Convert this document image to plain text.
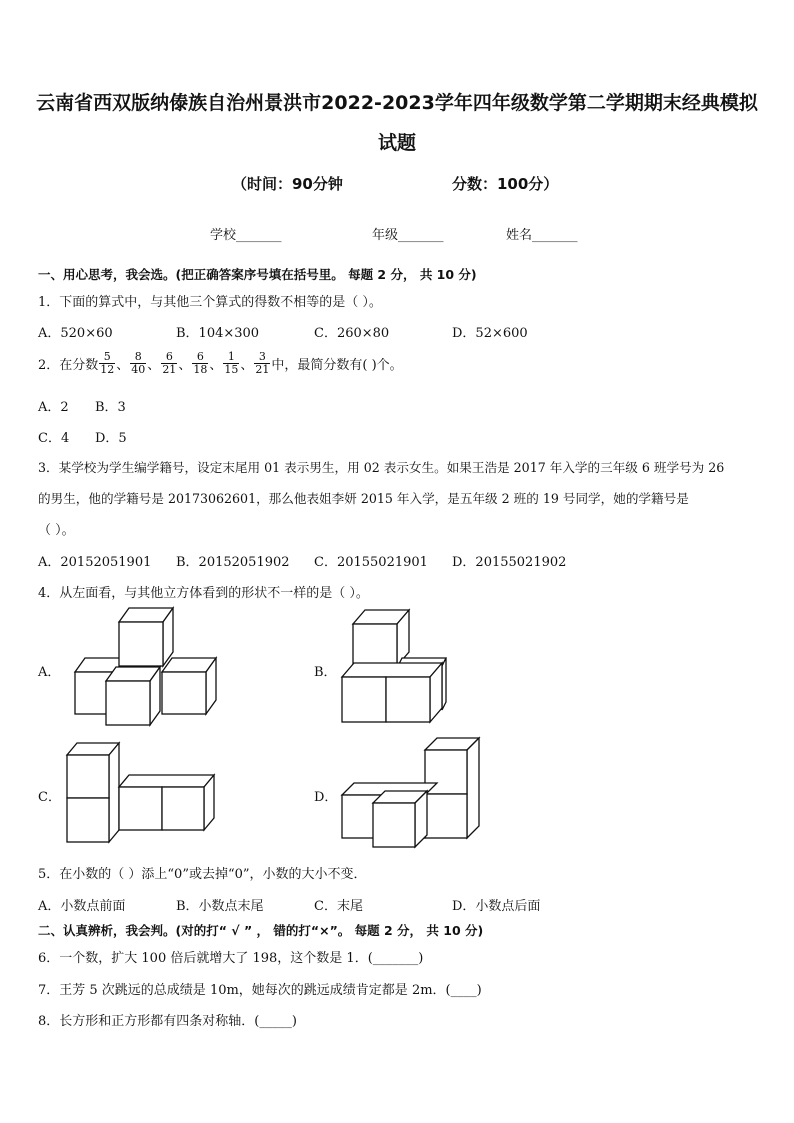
云南省西双版纳傣族自治州景洪市2022-2023学年四年级数学第二学期期末经典模拟
试题
（时间：90分钟	分数：100分）
学校_______	年级_______	姓名_______
一、用心思考，我会选。(把正确答案序号填在括号里。 每题 2 分， 共 10 分)
1．下面的算式中，与其他三个算式的得数不相等的是（ ）。
A．520×60	B．104×300	C．260×80	D．52×600
2．在分数 $\frac{5}{12}$ 、 $\frac{8}{40}$ 、 $\frac{6}{21}$ 、 $\frac{6}{18}$ 、 $\frac{1}{15}$ 、 $\frac{3}{21}$ 中，最简分数有( )个。
A．2 B．3
C．4 D．5
3．某学校为学生编学籍号，设定末尾用 01 表示男生，用 02 表示女生。如果王浩是 2017 年入学的三年级 6 班学号为 26
的男生，他的学籍号是 20173062601，那么他表姐李妍 2015 年入学，是五年级 2 班的 19 号同学，她的学籍号是
（ ）。
A．20152051901 B．20152051902 C．20155021901 D．20155021902
4．从左面看，与其他立方体看到的形状不一样的是（ ）。
A．	B．
C．	D．
5．在小数的（ ）添上“0”或去掉“0”，小数的大小不变．
A．小数点前面	B．小数点末尾	C．末尾	D．小数点后面
二、认真辨析，我会判。(对的打“ √ ” ， 错的打“×”。 每题 2 分， 共 10 分)
6．一个数，扩大 100 倍后就增大了 198，这个数是 1．(_______)
7．王芳 5 次跳远的总成绩是 10m，她每次的跳远成绩肯定都是 2m．(____)
8．长方形和正方形都有四条对称轴．(_____)
